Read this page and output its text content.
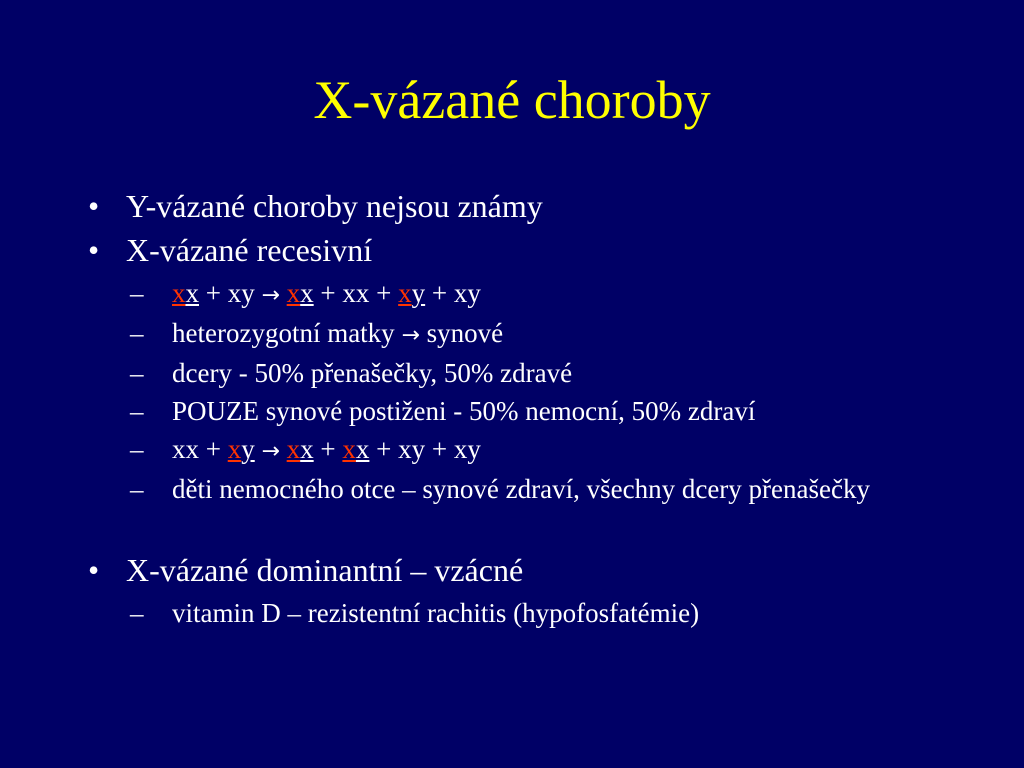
X-vázané choroby
• Y-vázané choroby nejsou známy
• X-vázané recesivní
– xx + xy → xx + xx + xy + xy
– heterozygotní matky → synové
– dcery - 50% přenašečky, 50% zdravé
– POUZE synové postiženi - 50% nemocní, 50% zdraví
– xx + xy → xx + xx + xy + xy
– děti nemocného otce – synové zdraví, všechny dcery přenašečky
• X-vázané dominantní – vzácné
– vitamin D – rezistentní rachitis (hypofosfatémie)
